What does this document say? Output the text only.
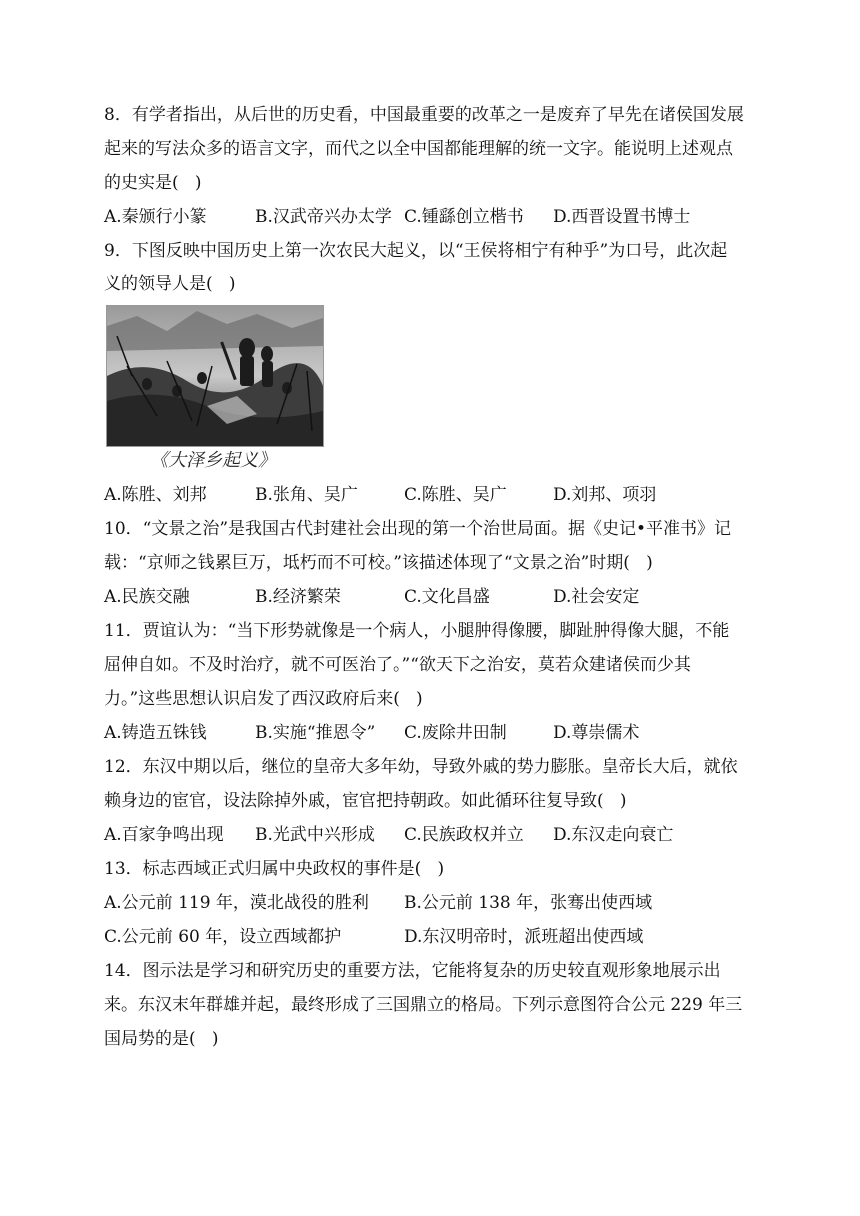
8．有学者指出，从后世的历史看，中国最重要的改革之一是废弃了早先在诸侯国发展
起来的写法众多的语言文字，而代之以全中国都能理解的统一文字。能说明上述观点
的史实是(   )
A.秦颁行小篆	B.汉武帝兴办太学 C.锺繇创立楷书 D.西晋设置书博士
9．下图反映中国历史上第一次农民大起义，以“王侯将相宁有种乎”为口号，此次起
义的领导人是(   )
《大泽乡起义》
A.陈胜、刘邦	B.张角、吴广	C.陈胜、吴广	D.刘邦、项羽
10．“文景之治”是我国古代封建社会出现的第一个治世局面。据《史记•平准书》记
载：“京师之钱累巨万，坻朽而不可校。”该描述体现了“文景之治”时期(   )
A.民族交融	B.经济繁荣	C.文化昌盛	D.社会安定
11．贾谊认为：“当下形势就像是一个病人，小腿肿得像腰，脚趾肿得像大腿，不能
屈伸自如。不及时治疗，就不可医治了。”“欲天下之治安，莫若众建诸侯而少其
力。”这些思想认识启发了西汉政府后来(   )
A.铸造五铢钱	B.实施“推恩令” C.废除井田制	D.尊崇儒术
12．东汉中期以后，继位的皇帝大多年幼，导致外戚的势力膨胀。皇帝长大后，就依
赖身边的宦官，设法除掉外戚，宦官把持朝政。如此循环往复导致(   )
A.百家争鸣出现 B.光武中兴形成 C.民族政权并立 D.东汉走向衰亡
13．标志西域正式归属中央政权的事件是(   )
A.公元前 119 年，漠北战役的胜利 B.公元前 138 年，张骞出使西域
C.公元前 60 年，设立西域都护	D.东汉明帝时，派班超出使西域
14．图示法是学习和研究历史的重要方法，它能将复杂的历史较直观形象地展示出
来。东汉末年群雄并起，最终形成了三国鼎立的格局。下列示意图符合公元 229 年三
国局势的是(   )
